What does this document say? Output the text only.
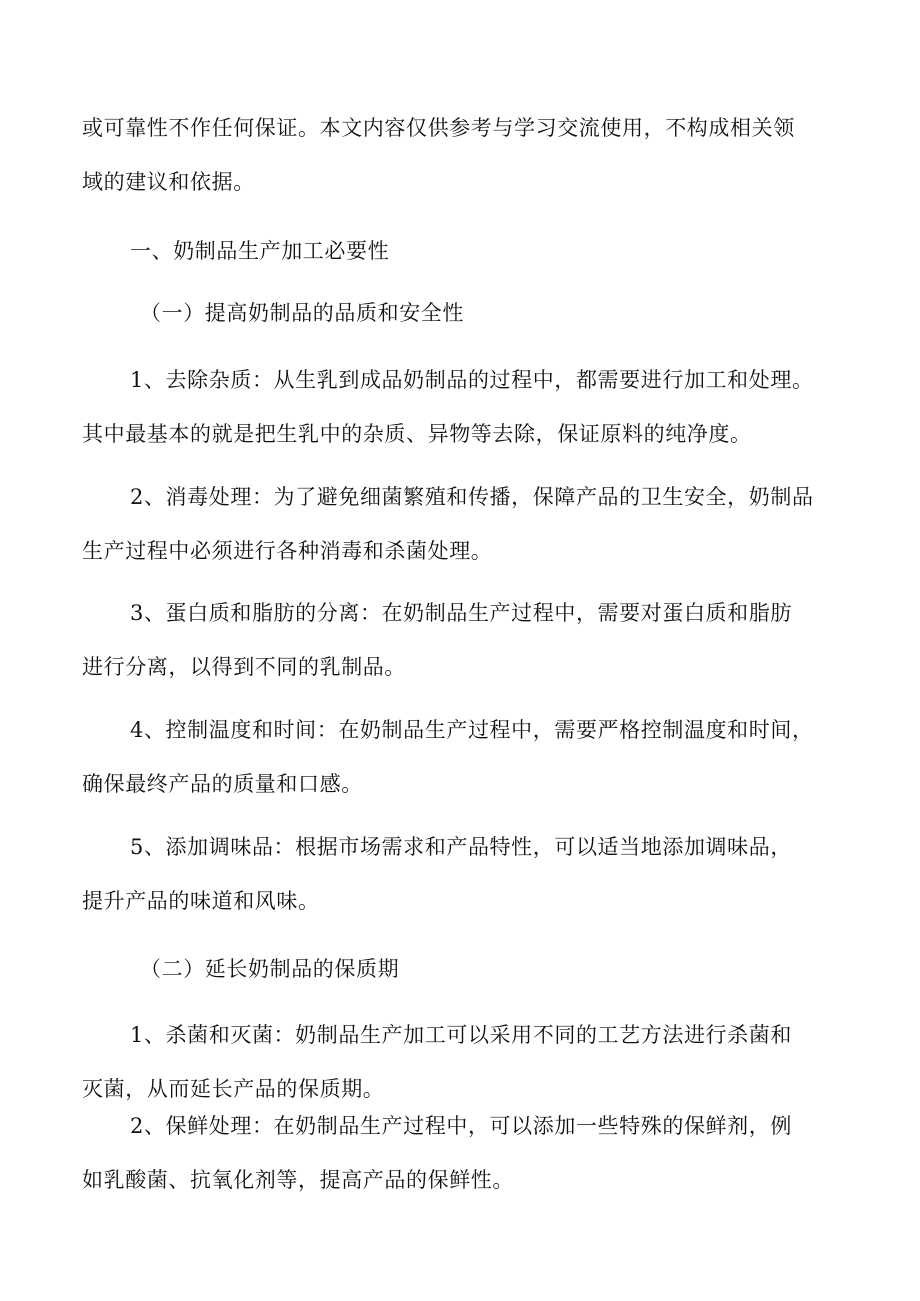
或可靠性不作任何保证。本文内容仅供参考与学习交流使用，不构成相关领
域的建议和依据。
一、奶制品生产加工必要性
（一）提高奶制品的品质和安全性
1、去除杂质：从生乳到成品奶制品的过程中，都需要进行加工和处理。
其中最基本的就是把生乳中的杂质、异物等去除，保证原料的纯净度。
2、消毒处理：为了避免细菌繁殖和传播，保障产品的卫生安全，奶制品
生产过程中必须进行各种消毒和杀菌处理。
3、蛋白质和脂肪的分离：在奶制品生产过程中，需要对蛋白质和脂肪
进行分离，以得到不同的乳制品。
4、控制温度和时间：在奶制品生产过程中，需要严格控制温度和时间，
确保最终产品的质量和口感。
5、添加调味品：根据市场需求和产品特性，可以适当地添加调味品，
提升产品的味道和风味。
（二）延长奶制品的保质期
1、杀菌和灭菌：奶制品生产加工可以采用不同的工艺方法进行杀菌和
灭菌，从而延长产品的保质期。
2、保鲜处理：在奶制品生产过程中，可以添加一些特殊的保鲜剂，例
如乳酸菌、抗氧化剂等，提高产品的保鲜性。
